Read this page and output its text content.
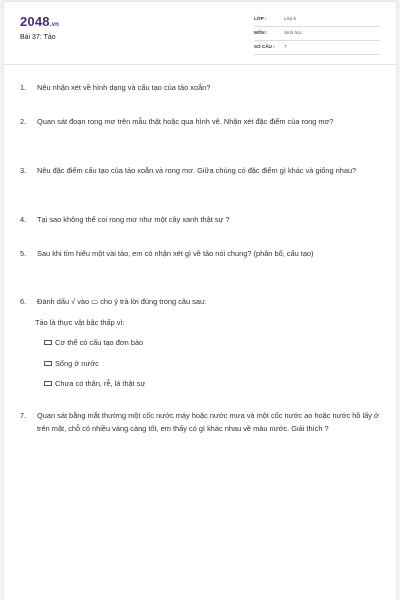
2048.vn
Bài 37: Tảo
LỚP :	Lớp 6
MÔN :	Sinh học
SỐ CÂU : 7
1.	Nêu nhận xét về hình dạng và cấu tạo của tảo xoắn?
2.	Quan sát đoạn rong mơ trên mẫu thật hoặc qua hình vẽ. Nhận xét đặc điểm của rong mơ?
3.	Nêu đặc điểm cấu tạo của tảo xoắn và rong mơ. Giữa chúng có đặc điểm gì khác và giống nhau?
4.	Tại sao không thể coi rong mơ như một cây xanh thật sự ?
5.	Sau khi tìm hiểu một vài tảo, em có nhận xét gì về tảo nói chung? (phân bố, cấu tạo)
6.	Đánh dấu √ vào ▭ cho ý trả lời đúng trong câu sau:
Tảo là thực vật bậc thấp vì:
Cơ thể có cấu tạo đơn bào
Sống ở nước
Chưa có thân, rễ, lá thật sự
7.	Quan sát bằng mắt thường một cốc nước máy hoặc nước mưa và một cốc nước ao hoặc nước hồ lấy ở trên mặt, chỗ có nhiều váng càng tốt, em thấy có gì khác nhau về màu nước. Giải thích ?
